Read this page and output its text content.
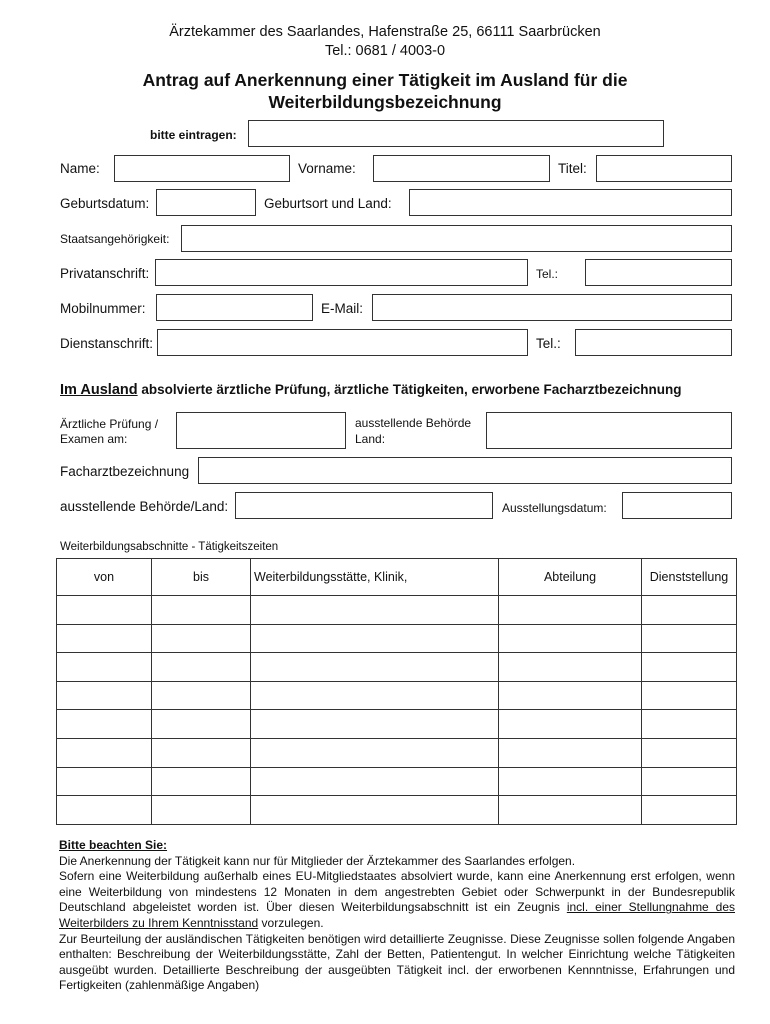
Ärztekammer des Saarlandes, Hafenstraße 25, 66111 Saarbrücken
Tel.: 0681 / 4003-0
Antrag auf Anerkennung einer Tätigkeit im Ausland für die
Weiterbildungsbezeichnung
bitte eintragen:
Name:	Vorname:	Titel:
Geburtsdatum:	Geburtsort und Land:
Staatsangehörigkeit:
Privatanschrift:	Tel.:
Mobilnummer:	E-Mail:
Dienstanschrift:	Tel.:
Im Ausland absolvierte ärztliche Prüfung, ärztliche Tätigkeiten, erworbene Facharztbezeichnung
Ärztliche Prüfung /
Examen am:
ausstellende Behörde
Land:
Facharztbezeichnung
ausstellende Behörde/Land:	Ausstellungsdatum:
Weiterbildungsabschnitte - Tätigkeitszeiten
von	bis	Weiterbildungsstätte, Klinik,	Abteilung	Dienststellung

Bitte beachten Sie:

Die Anerkennung der Tätigkeit kann nur für Mitglieder der Ärztekammer des Saarlandes erfolgen.

Sofern eine Weiterbildung außerhalb eines EU-Mitgliedstaates absolviert wurde, kann eine Anerkennung erst erfolgen, wenn eine Weiterbildung von mindestens 12 Monaten in dem angestrebten Gebiet oder Schwerpunkt in der Bundesrepublik Deutschland abgeleistet worden ist. Über diesen Weiterbildungsabschnitt ist ein Zeugnis incl. einer Stellungnahme des Weiterbilders zu Ihrem Kenntnisstand vorzulegen.

Zur Beurteilung der ausländischen Tätigkeiten benötigen wird detaillierte Zeugnisse. Diese Zeugnisse sollen folgende Angaben enthalten: Beschreibung der Weiterbildungsstätte, Zahl der Betten, Patientengut. In welcher Einrichtung welche Tätigkeiten ausgeübt wurden. Detaillierte Beschreibung der ausgeübten Tätigkeit incl. der erworbenen Kennntnisse, Erfahrungen und Fertigkeiten (zahlenmäßige Angaben)
